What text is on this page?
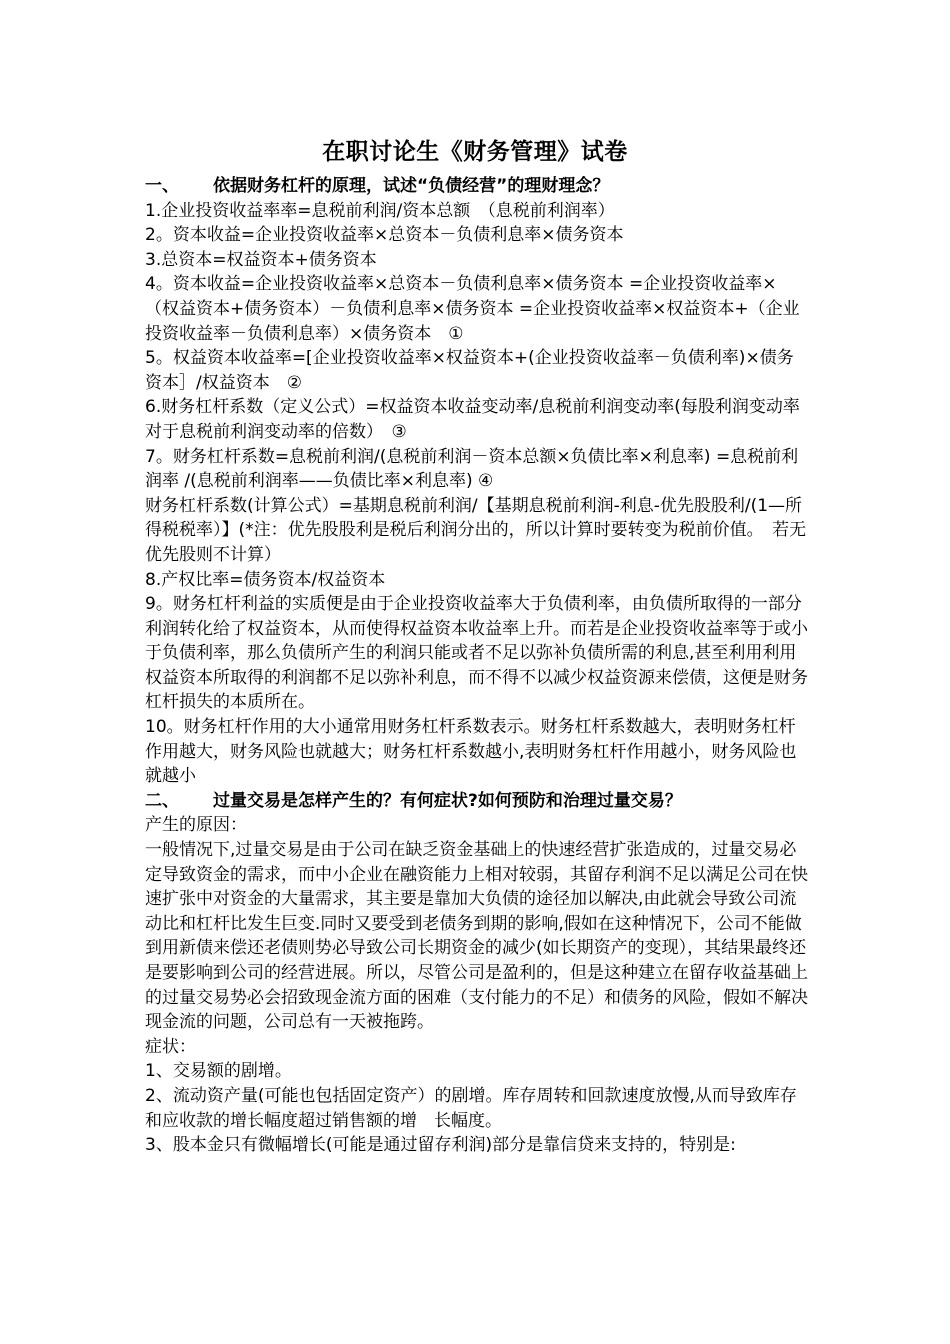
在职讨论生《财务管理》试卷

一、 依据财务杠杆的原理，试述“负债经营”的理财理念？

1.企业投资收益率率=息税前利润/资本总额　（息税前利润率）

2。资本收益=企业投资收益率×总资本－负债利息率×债务资本

3.总资本=权益资本+债务资本

4。资本收益=企业投资收益率×总资本－负债利息率×债务资本 =企业投资收益率×（权益资本+债务资本）－负债利息率×债务资本 =企业投资收益率×权益资本+（企业投资收益率－负债利息率）×债务资本　①

5。权益资本收益率=[企业投资收益率×权益资本+(企业投资收益率－负债利率)×债务资本］/权益资本　②

6.财务杠杆系数（定义公式）=权益资本收益变动率/息税前利润变动率(每股利润变动率对于息税前利润变动率的倍数）　③

7。财务杠杆系数=息税前利润/(息税前利润－资本总额×负债比率×利息率) =息税前利润率 /(息税前利润率——负债比率×利息率) ④

财务杠杆系数(计算公式）=基期息税前利润/【基期息税前利润-利息-优先股股利/(1—所得税税率）】(*注：优先股股利是税后利润分出的，所以计算时要转变为税前价值。　若无优先股则不计算）

8.产权比率=债务资本/权益资本

9。财务杠杆利益的实质便是由于企业投资收益率大于负债利率，由负债所取得的一部分利润转化给了权益资本，从而使得权益资本收益率上升。而若是企业投资收益率等于或小于负债利率，那么负债所产生的利润只能或者不足以弥补负债所需的利息,甚至利用利用权益资本所取得的利润都不足以弥补利息，而不得不以减少权益资源来偿债，这便是财务杠杆损失的本质所在。

10。财务杠杆作用的大小通常用财务杠杆系数表示。财务杠杆系数越大，表明财务杠杆作用越大，财务风险也就越大；财务杠杆系数越小,表明财务杠杆作用越小，财务风险也就越小

二、 过量交易是怎样产生的？有何症状?如何预防和治理过量交易？

产生的原因：

一般情况下,过量交易是由于公司在缺乏资金基础上的快速经营扩张造成的，过量交易必定导致资金的需求，而中小企业在融资能力上相对较弱，其留存利润不足以满足公司在快速扩张中对资金的大量需求，其主要是靠加大负债的途径加以解决,由此就会导致公司流动比和杠杆比发生巨变.同时又要受到老债务到期的影响,假如在这种情况下，公司不能做到用新债来偿还老债则势必导致公司长期资金的减少(如长期资产的变现），其结果最终还是要影响到公司的经营进展。所以，尽管公司是盈利的，但是这种建立在留存收益基础上的过量交易势必会招致现金流方面的困难（支付能力的不足）和债务的风险，假如不解决现金流的问题，公司总有一天被拖跨。

症状：

1、交易额的剧增。

2、流动资产量(可能也包括固定资产）的剧增。库存周转和回款速度放慢,从而导致库存和应收款的增长幅度超过销售额的增　长幅度。

3、股本金只有微幅增长(可能是通过留存利润)部分是靠信贷来支持的，特别是:
